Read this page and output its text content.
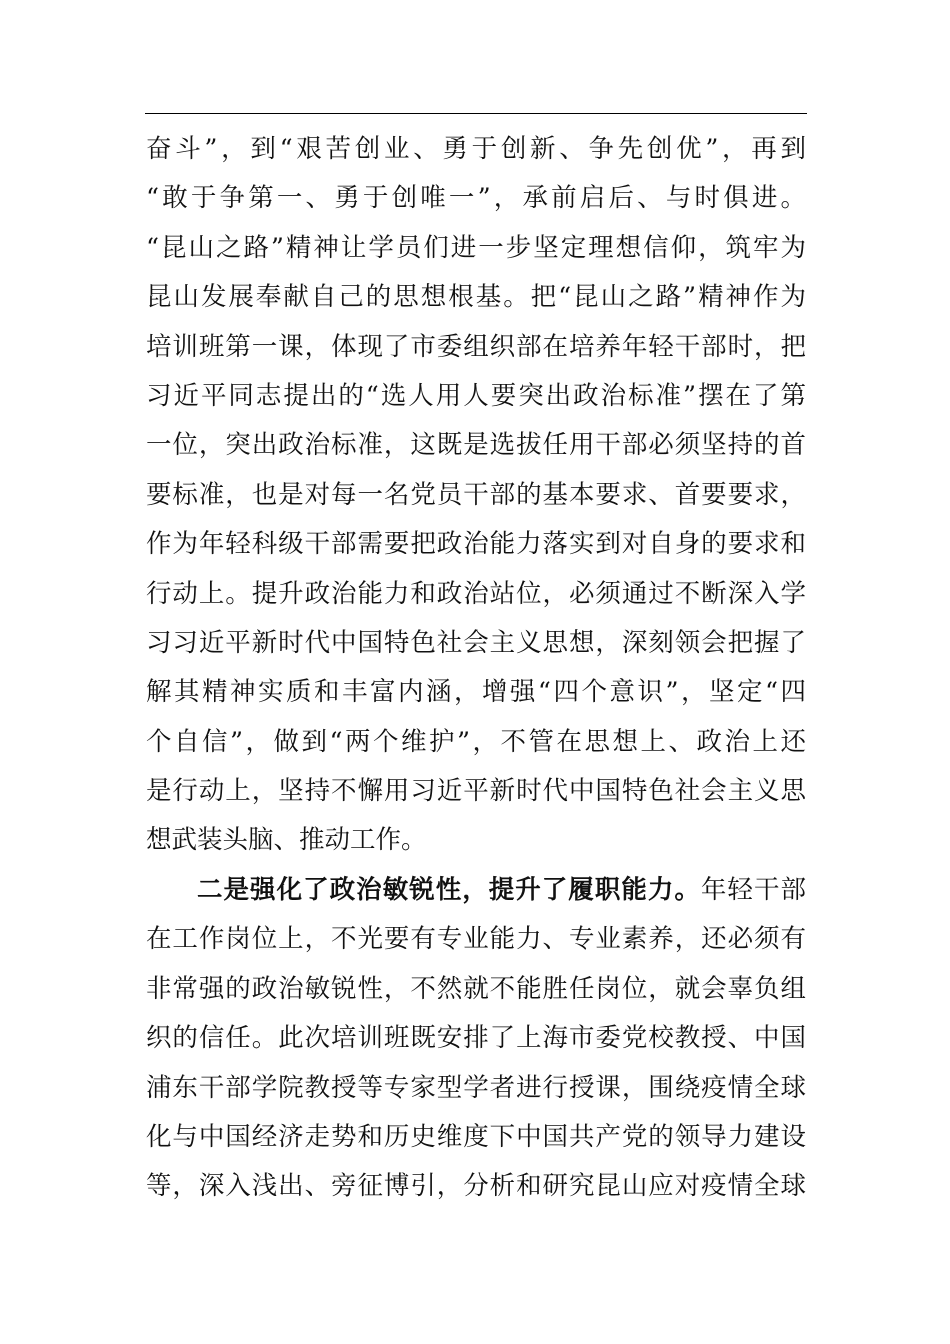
奋斗”，到“艰苦创业、勇于创新、争先创优”，再到
“敢于争第一、勇于创唯一”，承前启后、与时俱进。
“昆山之路”精神让学员们进一步坚定理想信仰，筑牢为
昆山发展奉献自己的思想根基。把“昆山之路”精神作为
培训班第一课，体现了市委组织部在培养年轻干部时，把
习近平同志提出的“选人用人要突出政治标准”摆在了第
一位，突出政治标准，这既是选拔任用干部必须坚持的首
要标准，也是对每一名党员干部的基本要求、首要要求，
作为年轻科级干部需要把政治能力落实到对自身的要求和
行动上。提升政治能力和政治站位，必须通过不断深入学
习习近平新时代中国特色社会主义思想，深刻领会把握了
解其精神实质和丰富内涵，增强“四个意识”，坚定“四
个自信”，做到“两个维护”，不管在思想上、政治上还
是行动上，坚持不懈用习近平新时代中国特色社会主义思
想武装头脑、推动工作。
二是强化了政治敏锐性，提升了履职能力。年轻干部
在工作岗位上，不光要有专业能力、专业素养，还必须有
非常强的政治敏锐性，不然就不能胜任岗位，就会辜负组
织的信任。此次培训班既安排了上海市委党校教授、中国
浦东干部学院教授等专家型学者进行授课，围绕疫情全球
化与中国经济走势和历史维度下中国共产党的领导力建设
等，深入浅出、旁征博引，分析和研究昆山应对疫情全球
